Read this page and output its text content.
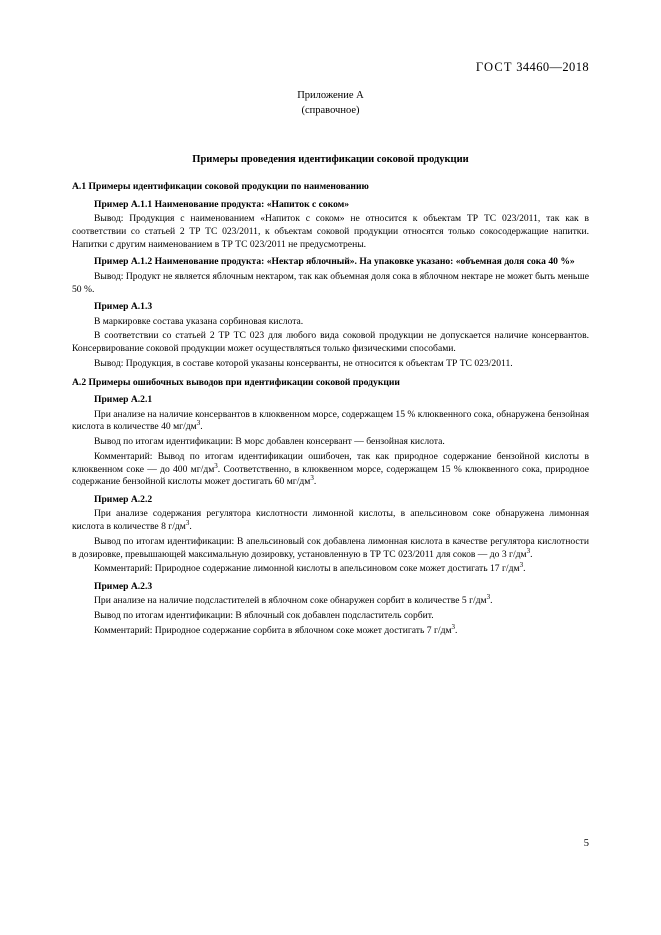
ГОСТ 34460—2018
Приложение А
(справочное)
Примеры проведения идентификации соковой продукции

А.1 Примеры идентификации соковой продукции по наименованию

Пример А.1.1 Наименование продукта: «Напиток с соком»

Вывод: Продукция с наименованием «Напиток с соком» не относится к объектам ТР ТС 023/2011, так как в соответствии со статьей 2 ТР ТС 023/2011, к объектам соковой продукции относятся только сокосодержащие напитки. Напитки с другим наименованием в ТР ТС 023/2011 не предусмотрены.

Пример А.1.2 Наименование продукта: «Нектар яблочный». На упаковке указано: «объемная доля сока 40 %»

Вывод: Продукт не является яблочным нектаром, так как объемная доля сока в яблочном нектаре не может быть меньше 50 %.

Пример А.1.3

В маркировке состава указана сорбиновая кислота.

В соответствии со статьей 2 ТР ТС 023 для любого вида соковой продукции не допускается наличие консервантов. Консервирование соковой продукции может осуществляться только физическими способами.

Вывод: Продукция, в составе которой указаны консерванты, не относится к объектам ТР ТС 023/2011.

А.2 Примеры ошибочных выводов при идентификации соковой продукции

Пример А.2.1

При анализе на наличие консервантов в клюквенном морсе, содержащем 15 % клюквенного сока, обнаружена бензойная кислота в количестве 40 $мг/дм^3$.

Вывод по итогам идентификации: В морс добавлен консервант — бензойная кислота.

Комментарий: Вывод по итогам идентификации ошибочен, так как природное содержание бензойной кислоты в клюквенном соке — до 400 $мг/дм^3$. Соответственно, в клюквенном морсе, содержащем 15 % клюквенного сока, природное содержание бензойной кислоты может достигать 60 $мг/дм^3$.

Пример А.2.2

При анализе содержания регулятора кислотности лимонной кислоты, в апельсиновом соке обнаружена лимонная кислота в количестве 8 $г/дм^3$.

Вывод по итогам идентификации: В апельсиновый сок добавлена лимонная кислота в качестве регулятора кислотности в дозировке, превышающей максимальную дозировку, установленную в ТР ТС 023/2011 для соков — до 3 $г/дм^3$.

Комментарий: Природное содержание лимонной кислоты в апельсиновом соке может достигать 17 $г/дм^3$.

Пример А.2.3

При анализе на наличие подсластителей в яблочном соке обнаружен сорбит в количестве 5 $г/дм^3$.

Вывод по итогам идентификации: В яблочный сок добавлен подсластитель сорбит.

Комментарий: Природное содержание сорбита в яблочном соке может достигать 7 $г/дм^3$.

5
